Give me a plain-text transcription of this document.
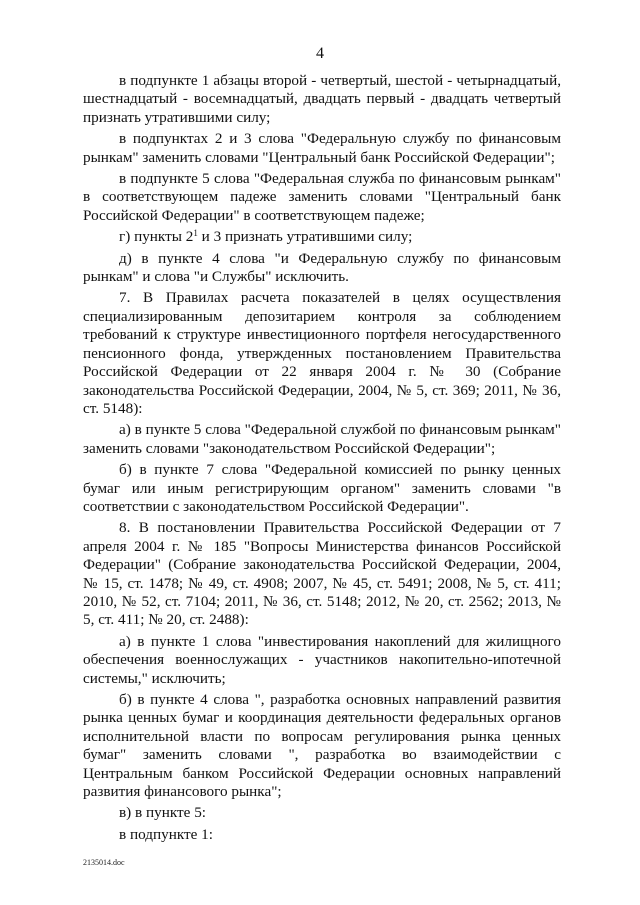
4

в подпункте 1 абзацы второй - четвертый, шестой - четырнадцатый, шестнадцатый - восемнадцатый, двадцать первый - двадцать четвертый признать утратившими силу;

в подпунктах 2 и 3 слова "Федеральную службу по финансовым рынкам" заменить словами "Центральный банк Российской Федерации";

в подпункте 5 слова "Федеральная служба по финансовым рынкам" в соответствующем падеже заменить словами "Центральный банк Российской Федерации" в соответствующем падеже;

г) пункты $2^1$ и 3 признать утратившими силу;

д) в пункте 4 слова "и Федеральную службу по финансовым рынкам" и слова "и Службы" исключить.

7. В Правилах расчета показателей в целях осуществления специализированным депозитарием контроля за соблюдением требований к структуре инвестиционного портфеля негосударственного пенсионного фонда, утвержденных постановлением Правительства Российской Федерации от 22 января 2004 г. № 30 (Собрание законодательства Российской Федерации, 2004, № 5, ст. 369; 2011, № 36, ст. 5148):

а) в пункте 5 слова "Федеральной службой по финансовым рынкам" заменить словами "законодательством Российской Федерации";

б) в пункте 7 слова "Федеральной комиссией по рынку ценных бумаг или иным регистрирующим органом" заменить словами "в соответствии с законодательством Российской Федерации".

8. В постановлении Правительства Российской Федерации от 7 апреля 2004 г. № 185 "Вопросы Министерства финансов Российской Федерации" (Собрание законодательства Российской Федерации, 2004, № 15, ст. 1478; № 49, ст. 4908; 2007, № 45, ст. 5491; 2008, № 5, ст. 411; 2010, № 52, ст. 7104; 2011, № 36, ст. 5148; 2012, № 20, ст. 2562; 2013, № 5, ст. 411; № 20, ст. 2488):

а) в пункте 1 слова "инвестирования накоплений для жилищного обеспечения военнослужащих - участников накопительно-ипотечной системы," исключить;

б) в пункте 4 слова ", разработка основных направлений развития рынка ценных бумаг и координация деятельности федеральных органов исполнительной власти по вопросам регулирования рынка ценных бумаг" заменить словами ", разработка во взаимодействии с Центральным банком Российской Федерации основных направлений развития финансового рынка";

в) в пункте 5:

в подпункте 1:

2135014.doc
